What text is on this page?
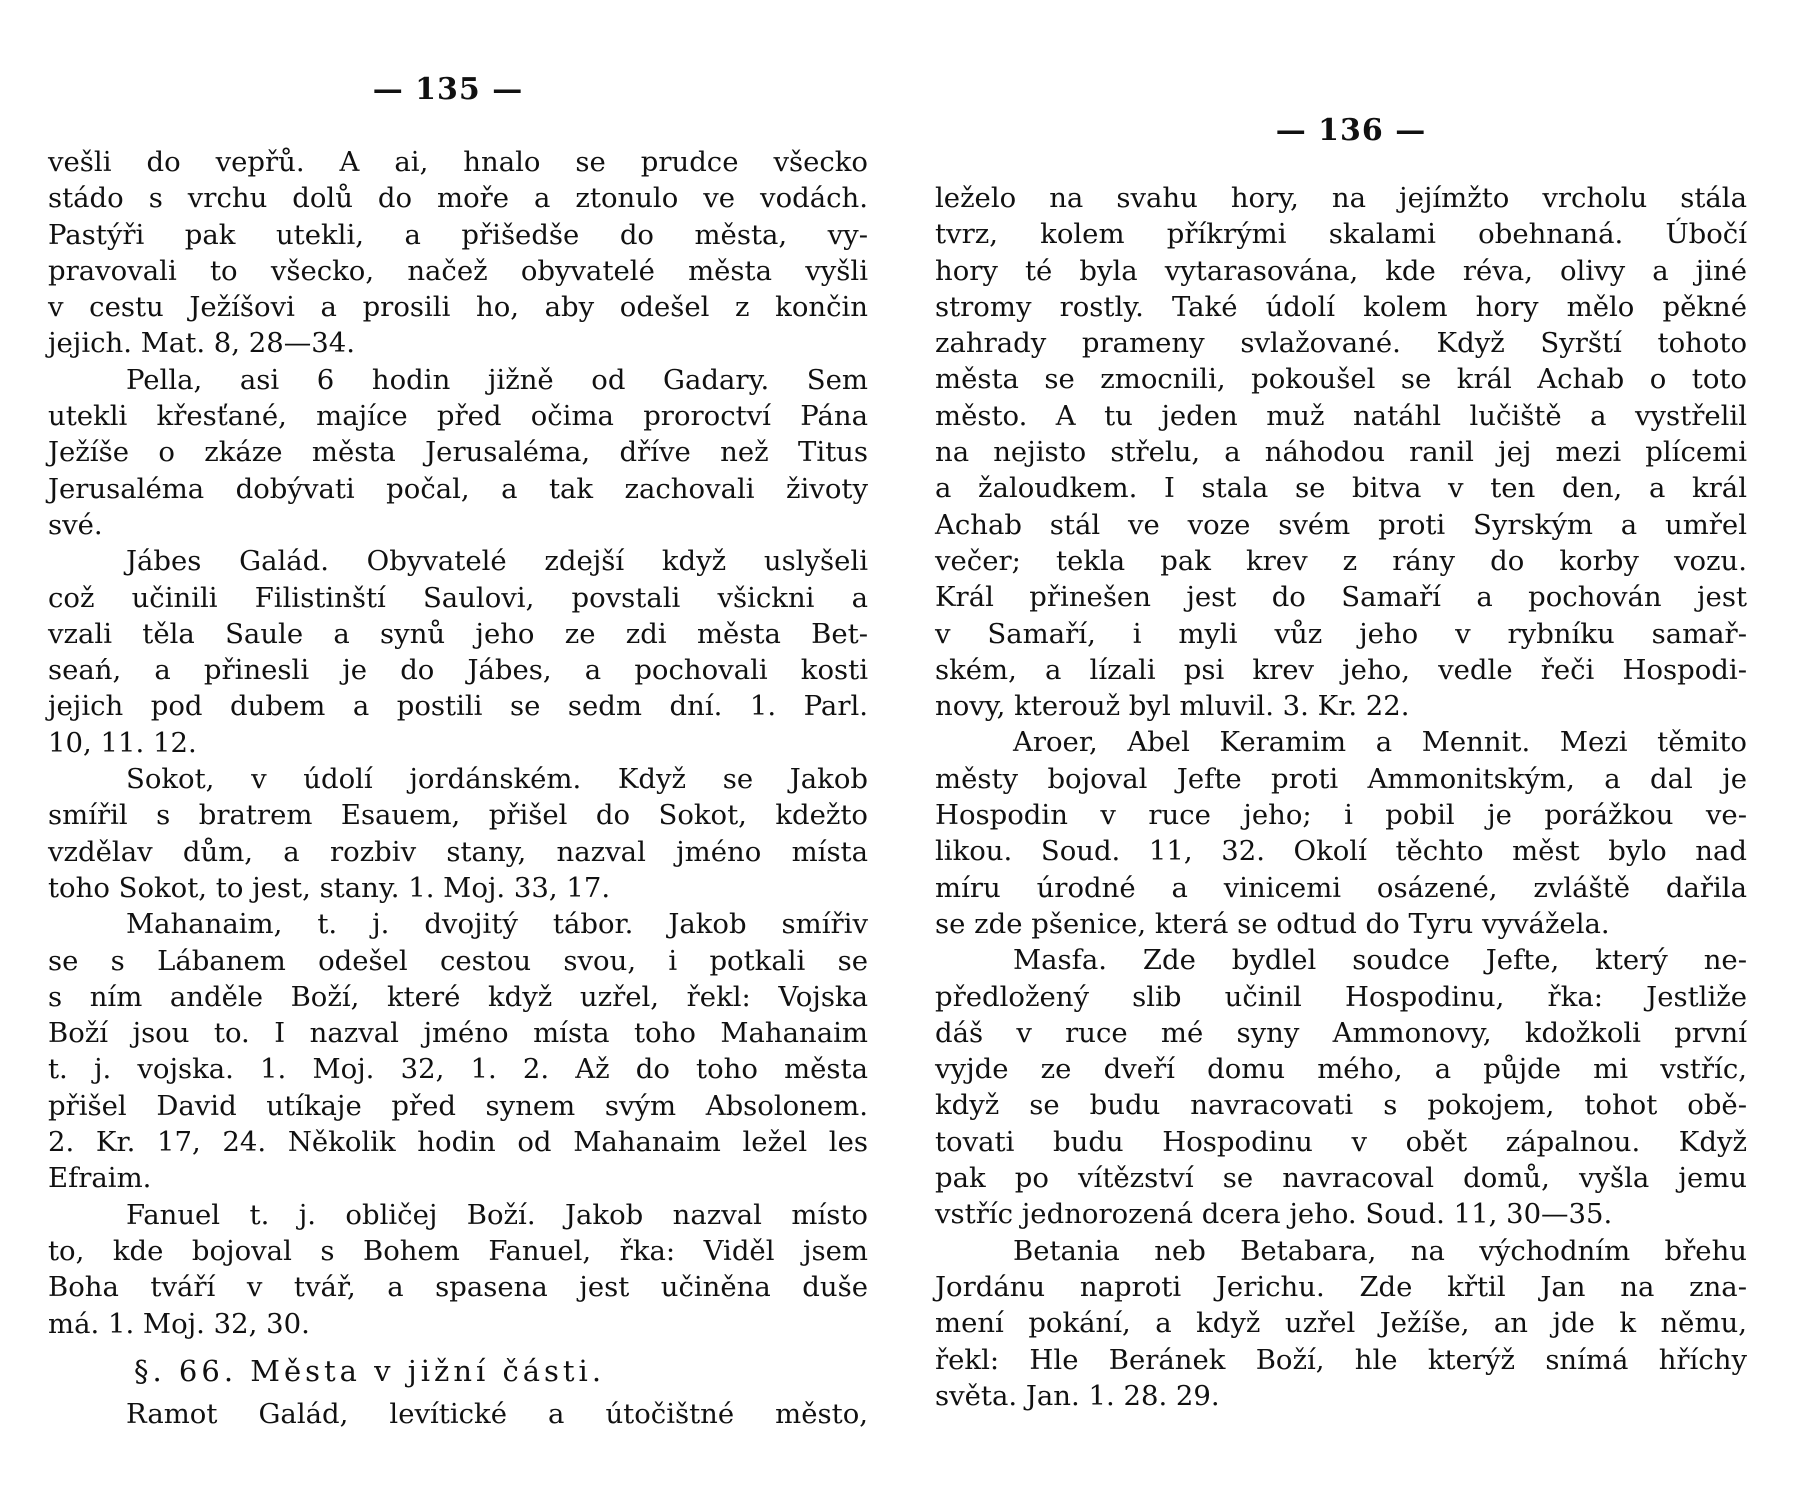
— 135 —
vešli do vepřů. A ai, hnalo se prudce všecko
stádo s vrchu dolů do moře a ztonulo ve vodách.
Pastýři pak utekli, a přišedše do města, vy-
pravovali to všecko, načež obyvatelé města vyšli
v cestu Ježíšovi a prosili ho, aby odešel z končin
jejich. Mat. 8, 28—34.
Pella, asi 6 hodin jižně od Gadary. Sem
utekli křesťané, majíce před očima proroctví Pána
Ježíše o zkáze města Jerusaléma, dříve než Titus
Jerusaléma dobývati počal, a tak zachovali životy
své.
Jábes Galád. Obyvatelé zdejší když uslyšeli
což učinili Filistinští Saulovi, povstali všickni a
vzali těla Saule a synů jeho ze zdi města Bet-
seań, a přinesli je do Jábes, a pochovali kosti
jejich pod dubem a postili se sedm dní. 1. Parl.
10, 11. 12.
Sokot, v údolí jordánském. Když se Jakob
smířil s bratrem Esauem, přišel do Sokot, kdežto
vzdělav dům, a rozbiv stany, nazval jméno místa
toho Sokot, to jest, stany. 1. Moj. 33, 17.
Mahanaim, t. j. dvojitý tábor. Jakob smířiv
se s Lábanem odešel cestou svou, i potkali se
s ním anděle Boží, které když uzřel, řekl: Vojska
Boží jsou to. I nazval jméno místa toho Mahanaim
t. j. vojska. 1. Moj. 32, 1. 2. Až do toho města
přišel David utíkaje před synem svým Absolonem.
2. Kr. 17, 24. Několik hodin od Mahanaim ležel les
Efraim.
Fanuel t. j. obličej Boží. Jakob nazval místo
to, kde bojoval s Bohem Fanuel, řka: Viděl jsem
Boha tváří v tvář, a spasena jest učiněna duše
má. 1. Moj. 32, 30.
§. 66. Města v jižní části.
Ramot Galád, levítické a útočištné město,
— 136 —
leželo na svahu hory, na jejímžto vrcholu stála
tvrz, kolem příkrými skalami obehnaná. Úbočí
hory té byla vytarasována, kde réva, olivy a jiné
stromy rostly. Také údolí kolem hory mělo pěkné
zahrady prameny svlažované. Když Syrští tohoto
města se zmocnili, pokoušel se král Achab o toto
město. A tu jeden muž natáhl lučiště a vystřelil
na nejisto střelu, a náhodou ranil jej mezi plícemi
a žaloudkem. I stala se bitva v ten den, a král
Achab stál ve voze svém proti Syrským a umřel
večer; tekla pak krev z rány do korby vozu.
Král přinešen jest do Samaří a pochován jest
v Samaří, i myli vůz jeho v rybníku samař-
ském, a lízali psi krev jeho, vedle řeči Hospodi-
novy, kterouž byl mluvil. 3. Kr. 22.
Aroer, Abel Keramim a Mennit. Mezi těmito
městy bojoval Jefte proti Ammonitským, a dal je
Hospodin v ruce jeho; i pobil je porážkou ve-
likou. Soud. 11, 32. Okolí těchto měst bylo nad
míru úrodné a vinicemi osázené, zvláště dařila
se zde pšenice, která se odtud do Tyru vyvážela.
Masfa. Zde bydlel soudce Jefte, který ne-
předložený slib učinil Hospodinu, řka: Jestliže
dáš v ruce mé syny Ammonovy, kdožkoli první
vyjde ze dveří domu mého, a půjde mi vstříc,
když se budu navracovati s pokojem, tohot obě-
tovati budu Hospodinu v obět zápalnou. Když
pak po vítězství se navracoval domů, vyšla jemu
vstříc jednorozená dcera jeho. Soud. 11, 30—35.
Betania neb Betabara, na východním břehu
Jordánu naproti Jerichu. Zde křtil Jan na zna-
mení pokání, a když uzřel Ježíše, an jde k němu,
řekl: Hle Beránek Boží, hle kterýž snímá hříchy
světa. Jan. 1. 28. 29.
